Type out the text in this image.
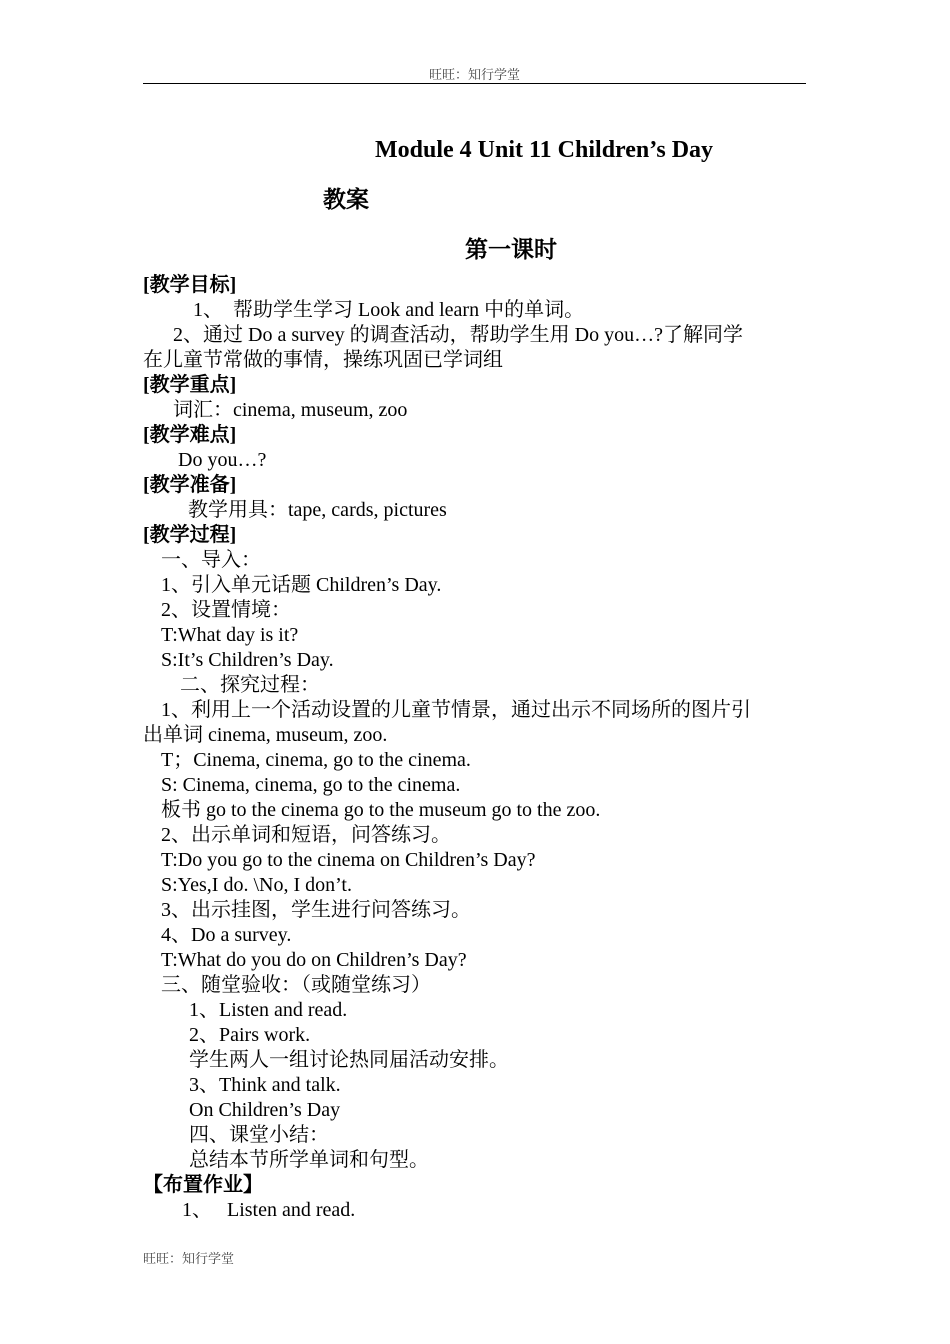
旺旺：知行学堂
Module 4 Unit 11 Children’s Day
教案
第一课时
[教学目标]
1、　帮助学生学习 Look and learn 中的单词。
2、通过 Do a survey 的调查活动，帮助学生用 Do you…?了解同学
在儿童节常做的事情，操练巩固已学词组
[教学重点]
词汇：cinema, museum, zoo
[教学难点]
Do you…?
[教学准备]
教学用具：tape, cards, pictures
[教学过程]
一、导入：
1、引入单元话题 Children’s Day.
2、设置情境：
T:What day is it?
S:It’s Children’s Day.
二、探究过程：
1、利用上一个活动设置的儿童节情景，通过出示不同场所的图片引
出单词 cinema, museum, zoo.
T；Cinema, cinema, go to the cinema.
S: Cinema, cinema, go to the cinema.
板书 go to the cinema go to the museum go to the zoo.
2、出示单词和短语，问答练习。
T:Do you go to the cinema on Children’s Day?
S:Yes,I do. \No, I don’t.
3、出示挂图，学生进行问答练习。
4、Do a survey.
T:What do you do on Children’s Day?
三、随堂验收：（或随堂练习）
1、Listen and read.
2、Pairs work.
学生两人一组讨论热同届活动安排。
3、Think and talk.
On Children’s Day
四、课堂小结：
总结本节所学单词和句型。
【布置作业】
1、　 Listen and read.
旺旺：知行学堂
